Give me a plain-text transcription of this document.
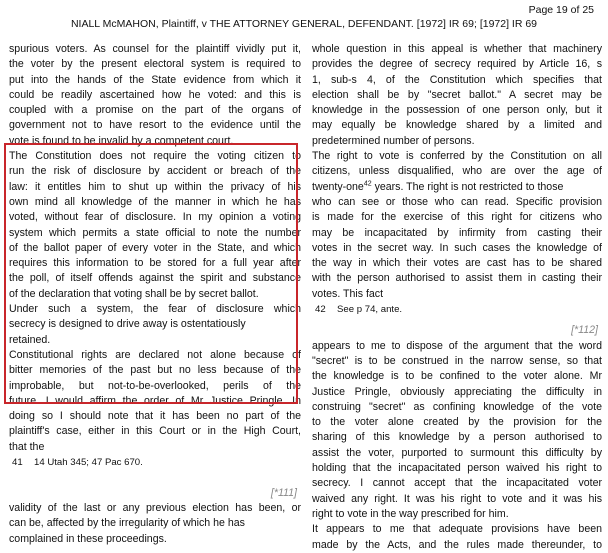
Page 19 of 25
NIALL McMAHON, Plaintiff, v THE ATTORNEY GENERAL, DEFENDANT. [1972] IR 69; [1972] IR 69
spurious voters. As counsel for the plaintiff vividly put it,
the voter by the present electoral system is required to
put into the hands of the State evidence from which it
could be readily ascertained how he voted: and this is
coupled with a promise on the part of the organs of
government not to have resort to the evidence until the
vote is found to be invalid by a competent court.
The Constitution does not require the voting citizen to
run the risk of disclosure by accident or breach of the
law: it entitles him to shut up within the privacy of his
own mind all knowledge of the manner in which he has
voted, without fear of disclosure. In my opinion a voting
system which permits a state official to note the number
of the ballot paper of every voter in the State, and which
requires this information to be stored for a full year after
the poll, of itself offends against the spirit and substance
of the declaration that voting shall be by secret ballot.
Under such a system, the fear of disclosure which
secrecy is designed to drive away is ostentatiously
retained.
Constitutional rights are declared not alone because of
bitter memories of the past but no less because of the
improbable, but not-to-be-overlooked, perils of the
future. I would affirm the order of Mr Justice Pringle. In
doing so I should note that it has been no part of the
plaintiff's case, either in this Court or in the High Court,
that the
41 14 Utah 345; 47 Pac 670.
[*111]
validity of the last or any previous election has been, or
can be, affected by the irregularity of which he has
complained in these proceedings.
whole question in this appeal is whether that machinery
provides the degree of secrecy required by Article 16, s
1, sub-s 4, of the Constitution which specifies that
election shall be by "secret ballot." A secret may be
knowledge in the possession of one person only, but it
may equally be knowledge shared by a limited and
predetermined number of persons.
The right to vote is conferred by the Constitution on all
citizens, unless disqualified, who are over the age of
twenty-one$^{42}$ years. The right is not restricted to those
who can see or those who can read. Specific provision
is made for the exercise of this right for citizens who
may be incapacitated by infirmity from casting their
votes in the secret way. In such cases the knowledge of
the way in which their votes are cast has to be shared
with the person authorised to assist them in casting their
votes. This fact
42 See p 74, ante.
[*112]
appears to me to dispose of the argument that the word
"secret" is to be construed in the narrow sense, so that
the knowledge is to be confined to the voter alone. Mr
Justice Pringle, obviously appreciating the difficulty in
construing "secret" as confining knowledge of the vote
to the voter alone created by the provision for the
sharing of this knowledge by a person authorised to
assist the voter, purported to surmount this difficulty by
holding that the incapacitated person waived his right to
secrecy. I cannot accept that the incapacitated voter
waived any right. It was his right to vote and it was his
right to vote in the way prescribed for him.
It appears to me that adequate provisions have been
made by the Acts, and the rules made thereunder, to
